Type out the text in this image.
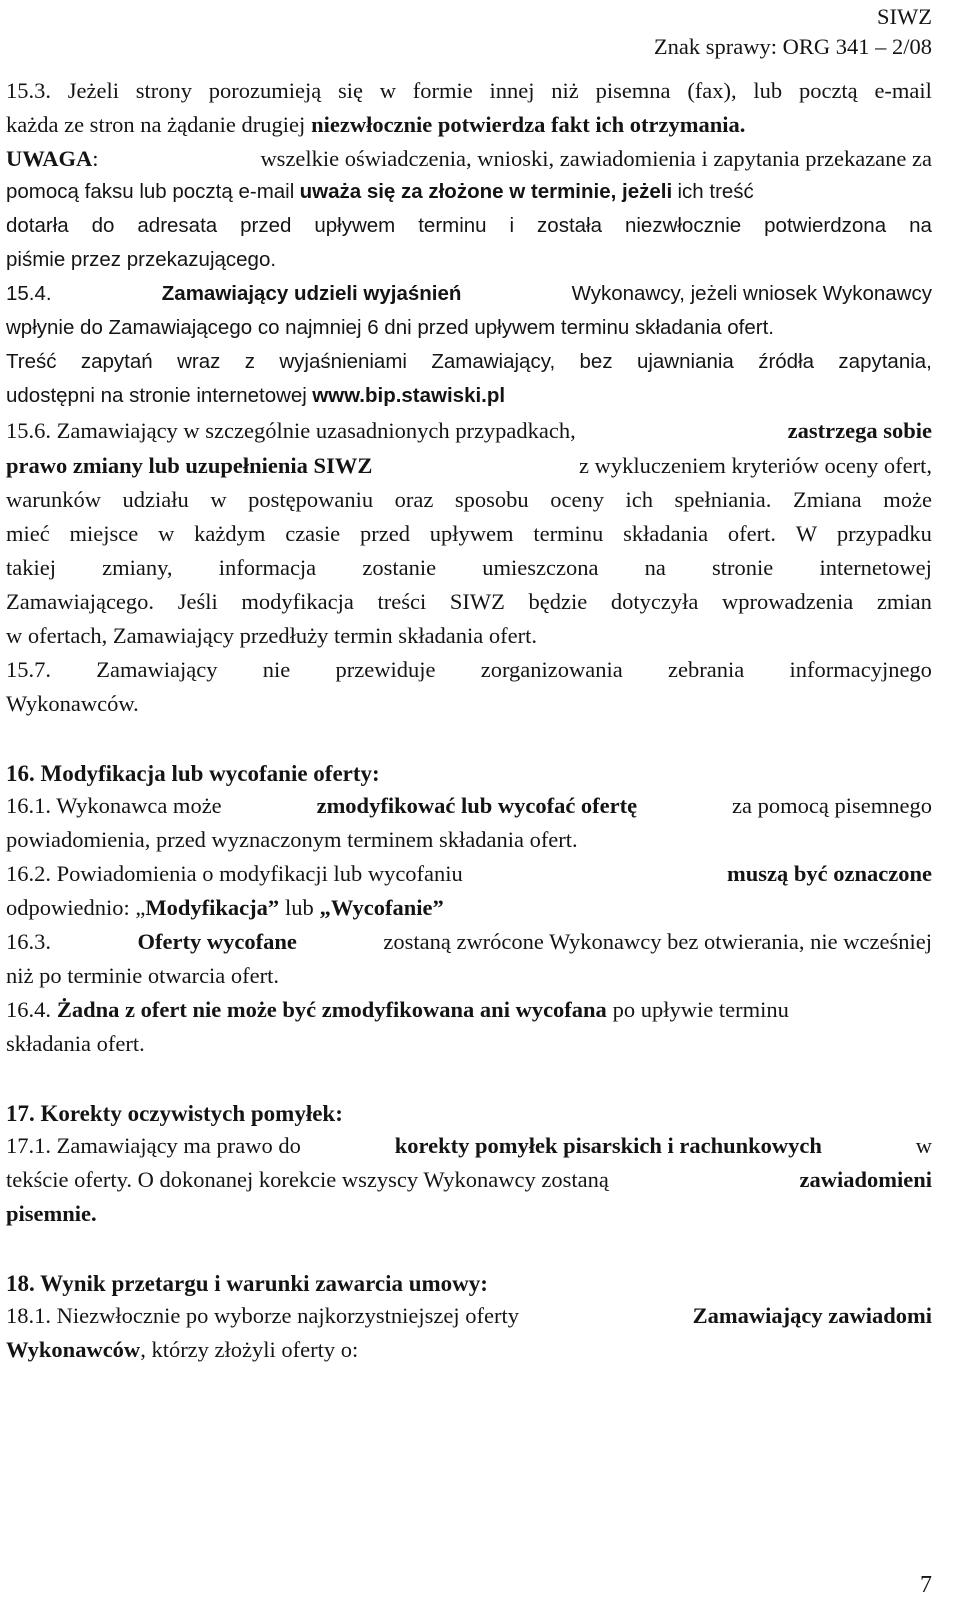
SIWZ
Znak sprawy: ORG 341 – 2/08
15.3. Jeżeli strony porozumieją się w formie innej niż pisemna (fax), lub pocztą e-mail
każda ze stron na żądanie drugiej niezwłocznie potwierdza fakt ich otrzymania.
UWAGA:	wszelkie oświadczenia, wnioski, zawiadomienia i zapytania przekazane za
pomocą faksu lub pocztą e-mail uważa się za złożone w terminie, jeżeli ich treść
dotarła do adresata przed upływem terminu i została niezwłocznie potwierdzona na
piśmie przez przekazującego.
15.4.	Zamawiający udzieli wyjaśnień	Wykonawcy, jeżeli wniosek Wykonawcy
wpłynie do Zamawiającego co najmniej 6 dni przed upływem terminu składania ofert.
Treść zapytań wraz z wyjaśnieniami Zamawiający, bez ujawniania źródła zapytania,
udostępni na stronie internetowej www.bip.stawiski.pl
15.6. Zamawiający w szczególnie uzasadnionych przypadkach,	zastrzega sobie
prawo zmiany lub uzupełnienia SIWZ	z wykluczeniem kryteriów oceny ofert,
warunków udziału w postępowaniu oraz sposobu oceny ich spełniania. Zmiana może
mieć miejsce w każdym czasie przed upływem terminu składania ofert. W przypadku
takiej zmiany, informacja zostanie umieszczona na stronie internetowej
Zamawiającego. Jeśli modyfikacja treści SIWZ będzie dotyczyła wprowadzenia zmian
w ofertach, Zamawiający przedłuży termin składania ofert.
15.7. Zamawiający nie przewiduje zorganizowania zebrania informacyjnego
Wykonawców.
16. Modyfikacja lub wycofanie oferty:
16.1. Wykonawca może	zmodyfikować lub wycofać ofertę	za pomocą pisemnego
powiadomienia, przed wyznaczonym terminem składania ofert.
16.2. Powiadomienia o modyfikacji lub wycofaniu	muszą być oznaczone
odpowiednio: „Modyfikacja” lub „Wycofanie”
16.3.	Oferty wycofane	zostaną zwrócone Wykonawcy bez otwierania, nie wcześniej
niż po terminie otwarcia ofert.
16.4. Żadna z ofert nie może być zmodyfikowana ani wycofana po upływie terminu
składania ofert.
17. Korekty oczywistych pomyłek:
17.1. Zamawiający ma prawo do	korekty pomyłek pisarskich i rachunkowych	w
tekście oferty. O dokonanej korekcie wszyscy Wykonawcy zostaną	zawiadomieni
pisemnie.
18. Wynik przetargu i warunki zawarcia umowy:
18.1. Niezwłocznie po wyborze najkorzystniejszej oferty	Zamawiający zawiadomi
Wykonawców, którzy złożyli oferty o:
7
